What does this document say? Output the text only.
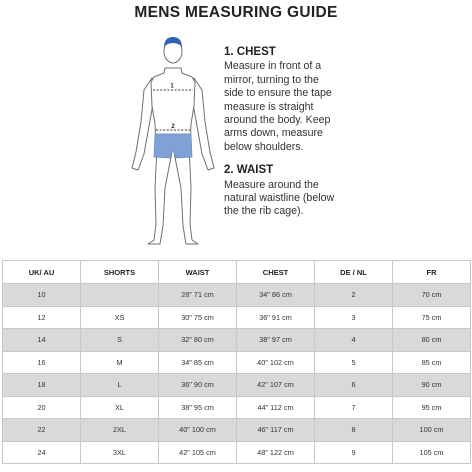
MENS MEASURING GUIDE
1
2
1. CHEST
Measure in front of a
mirror, turning to the
side to ensure the tape
measure is straight
around the body. Keep
arms down, measure
below shoulders.
2. WAIST
Measure around the
natural waistline (below
the the rib cage).
UK/ AU	SHORTS	WAIST	CHEST	DE / NL	FR
10		28" 71 cm	34" 86 cm	2	70 cm
12	XS	30" 75 cm	36" 91 cm	3	75 cm
14	S	32" 80 cm	38" 97 cm	4	80 cm
16	M	34" 85 cm	40" 102 cm	5	85 cm
18	L	36" 90 cm	42" 107 cm	6	90 cm
20	XL	38" 95 cm	44" 112 cm	7	95 cm
22	2XL	40" 100 cm	46" 117 cm	8	100 cm
24	3XL	42" 105 cm	48" 122 cm	9	105 cm
